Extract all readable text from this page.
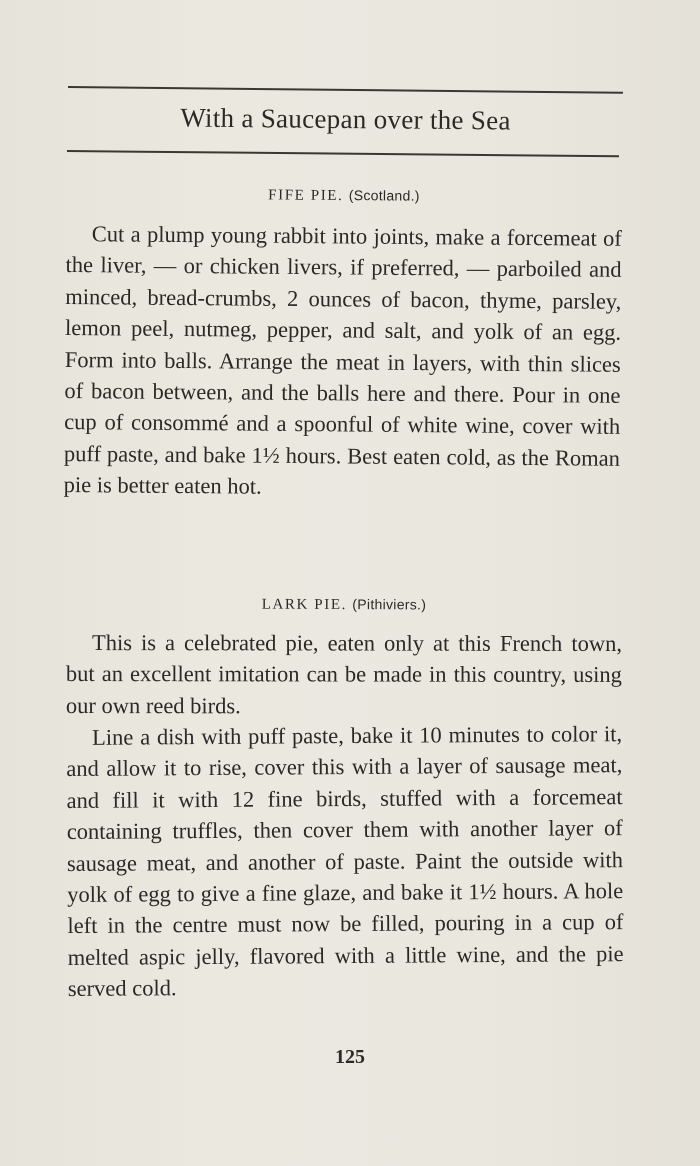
With a Saucepan over the Sea
FIFE PIE. (Scotland.)

Cut a plump young rabbit into joints, make a forcemeat of the liver, — or chicken livers, if preferred, — parboiled and minced, bread-crumbs, 2 ounces of bacon, thyme, parsley, lemon peel, nutmeg, pepper, and salt, and yolk of an egg. Form into balls. Arrange the meat in layers, with thin slices of bacon between, and the balls here and there. Pour in one cup of consommé and a spoonful of white wine, cover with puff paste, and bake 1½ hours. Best eaten cold, as the Roman pie is better eaten hot.

LARK PIE. (Pithiviers.)

This is a celebrated pie, eaten only at this French town, but an excellent imitation can be made in this country, using our own reed birds.

Line a dish with puff paste, bake it 10 minutes to color it, and allow it to rise, cover this with a layer of sausage meat, and fill it with 12 fine birds, stuffed with a forcemeat containing truffles, then cover them with another layer of sausage meat, and another of paste. Paint the outside with yolk of egg to give a fine glaze, and bake it 1½ hours. A hole left in the centre must now be filled, pouring in a cup of melted aspic jelly, flavored with a little wine, and the pie served cold.

125
